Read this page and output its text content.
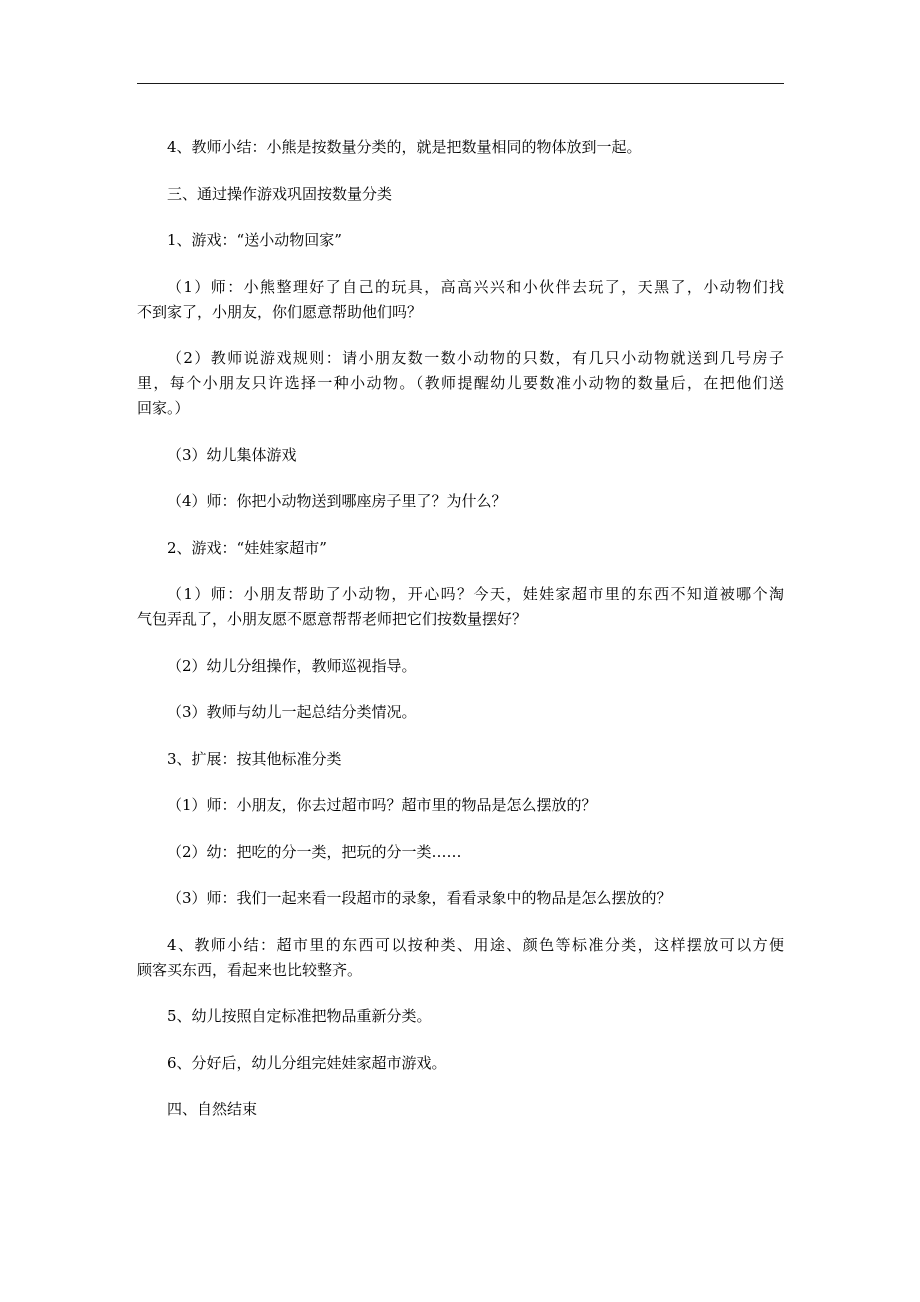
4、教师小结：小熊是按数量分类的，就是把数量相同的物体放到一起。

三、通过操作游戏巩固按数量分类

1、游戏：“送小动物回家”

（1）师：小熊整理好了自己的玩具，高高兴兴和小伙伴去玩了，天黑了，小动物们找
不到家了，小朋友，你们愿意帮助他们吗？

（2）教师说游戏规则：请小朋友数一数小动物的只数，有几只小动物就送到几号房子
里，每个小朋友只许选择一种小动物。（教师提醒幼儿要数准小动物的数量后，在把他们送
回家。）

（3）幼儿集体游戏

（4）师：你把小动物送到哪座房子里了？为什么？

2、游戏：“娃娃家超市”

（1）师：小朋友帮助了小动物，开心吗？今天，娃娃家超市里的东西不知道被哪个淘
气包弄乱了，小朋友愿不愿意帮帮老师把它们按数量摆好？

（2）幼儿分组操作，教师巡视指导。

（3）教师与幼儿一起总结分类情况。

3、扩展：按其他标准分类

（1）师：小朋友，你去过超市吗？超市里的物品是怎么摆放的？

（2）幼：把吃的分一类，把玩的分一类……

（3）师：我们一起来看一段超市的录象，看看录象中的物品是怎么摆放的？

4、教师小结：超市里的东西可以按种类、用途、颜色等标准分类，这样摆放可以方便
顾客买东西，看起来也比较整齐。

5、幼儿按照自定标准把物品重新分类。

6、分好后，幼儿分组完娃娃家超市游戏。

四、自然结束
